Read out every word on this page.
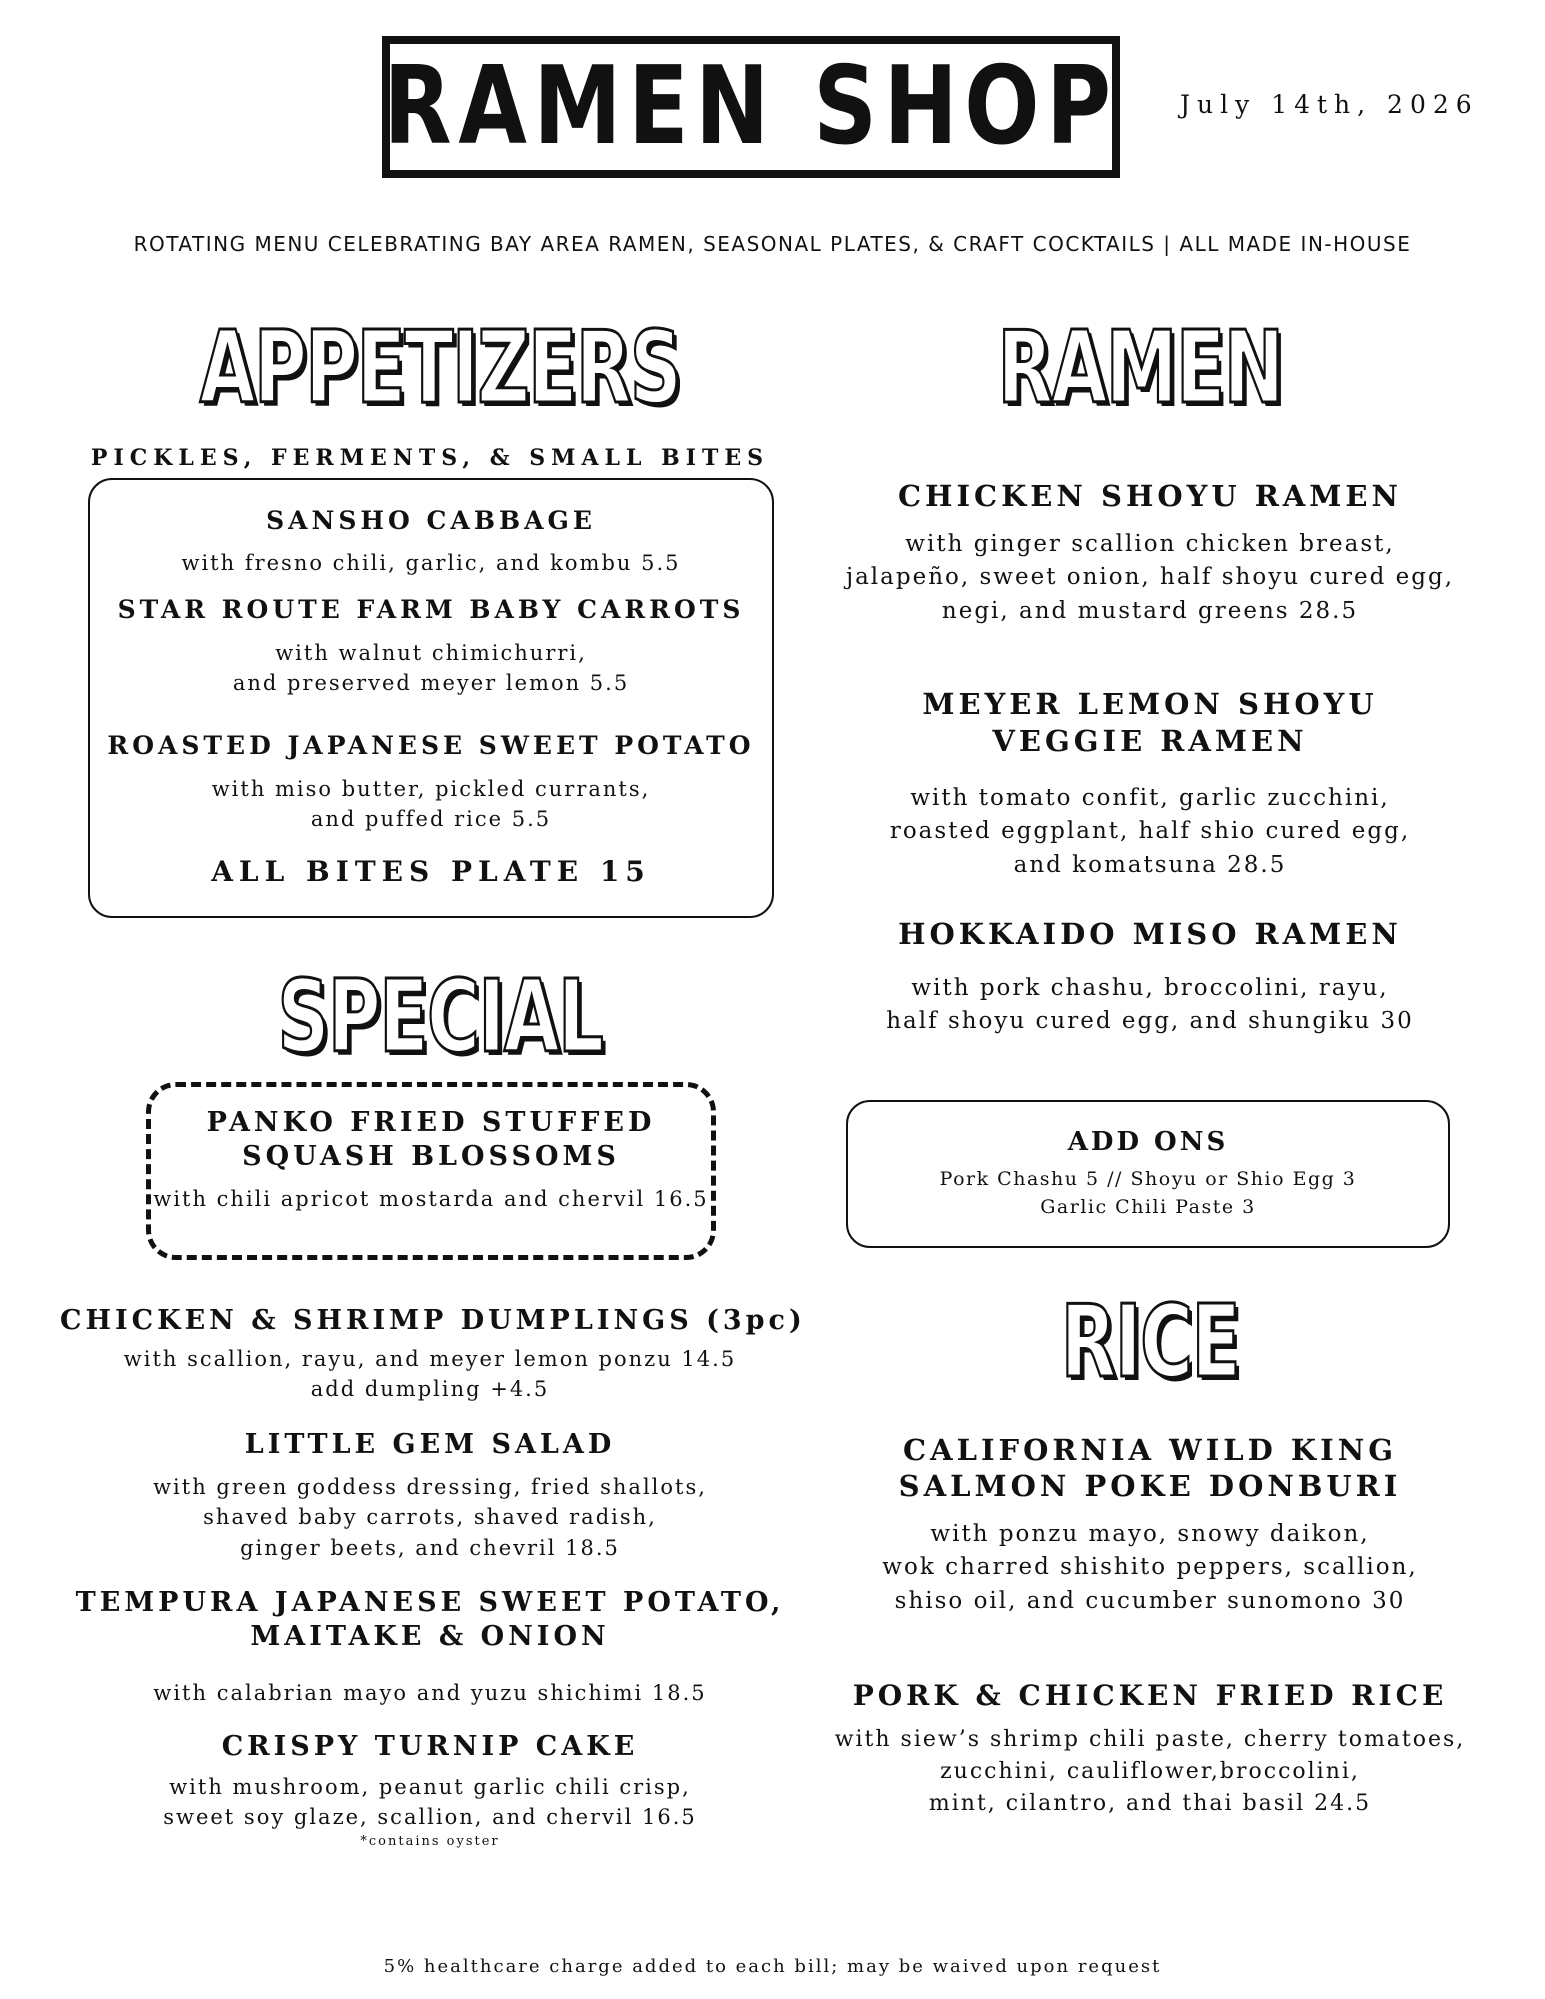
RAMEN SHOP July 14th, 2026
ROTATING MENU CELEBRATING BAY AREA RAMEN, SEASONAL PLATES, & CRAFT COCKTAILS | ALL MADE IN-HOUSE
APPETIZERS
PICKLES, FERMENTS, & SMALL BITES
SANSHO CABBAGE
with fresno chili, garlic, and kombu 5.5
STAR ROUTE FARM BABY CARROTS
with walnut chimichurri,
and preserved meyer lemon 5.5
ROASTED JAPANESE SWEET POTATO
with miso butter, pickled currants,
and puffed rice 5.5
ALL BITES PLATE 15
SPECIAL
PANKO FRIED STUFFED
SQUASH BLOSSOMS
with chili apricot mostarda and chervil 16.5
CHICKEN & SHRIMP DUMPLINGS (3pc)
with scallion, rayu, and meyer lemon ponzu 14.5
add dumpling +4.5
LITTLE GEM SALAD
with green goddess dressing, fried shallots,
shaved baby carrots, shaved radish,
ginger beets, and chevril 18.5
TEMPURA JAPANESE SWEET POTATO,
MAITAKE & ONION
with calabrian mayo and yuzu shichimi 18.5
CRISPY TURNIP CAKE
with mushroom, peanut garlic chili crisp,
sweet soy glaze, scallion, and chervil 16.5
*contains oyster
RAMEN
CHICKEN SHOYU RAMEN
with ginger scallion chicken breast,
jalapeño, sweet onion, half shoyu cured egg,
negi, and mustard greens 28.5
MEYER LEMON SHOYU
VEGGIE RAMEN
with tomato confit, garlic zucchini,
roasted eggplant, half shio cured egg,
and komatsuna 28.5
HOKKAIDO MISO RAMEN
with pork chashu, broccolini, rayu,
half shoyu cured egg, and shungiku 30
ADD ONS
Pork Chashu 5 // Shoyu or Shio Egg 3
Garlic Chili Paste 3
RICE
CALIFORNIA WILD KING
SALMON POKE DONBURI
with ponzu mayo, snowy daikon,
wok charred shishito peppers, scallion,
shiso oil, and cucumber sunomono 30
PORK & CHICKEN FRIED RICE
with siew’s shrimp chili paste, cherry tomatoes,
zucchini, cauliflower,broccolini,
mint, cilantro, and thai basil 24.5
5% healthcare charge added to each bill; may be waived upon request
